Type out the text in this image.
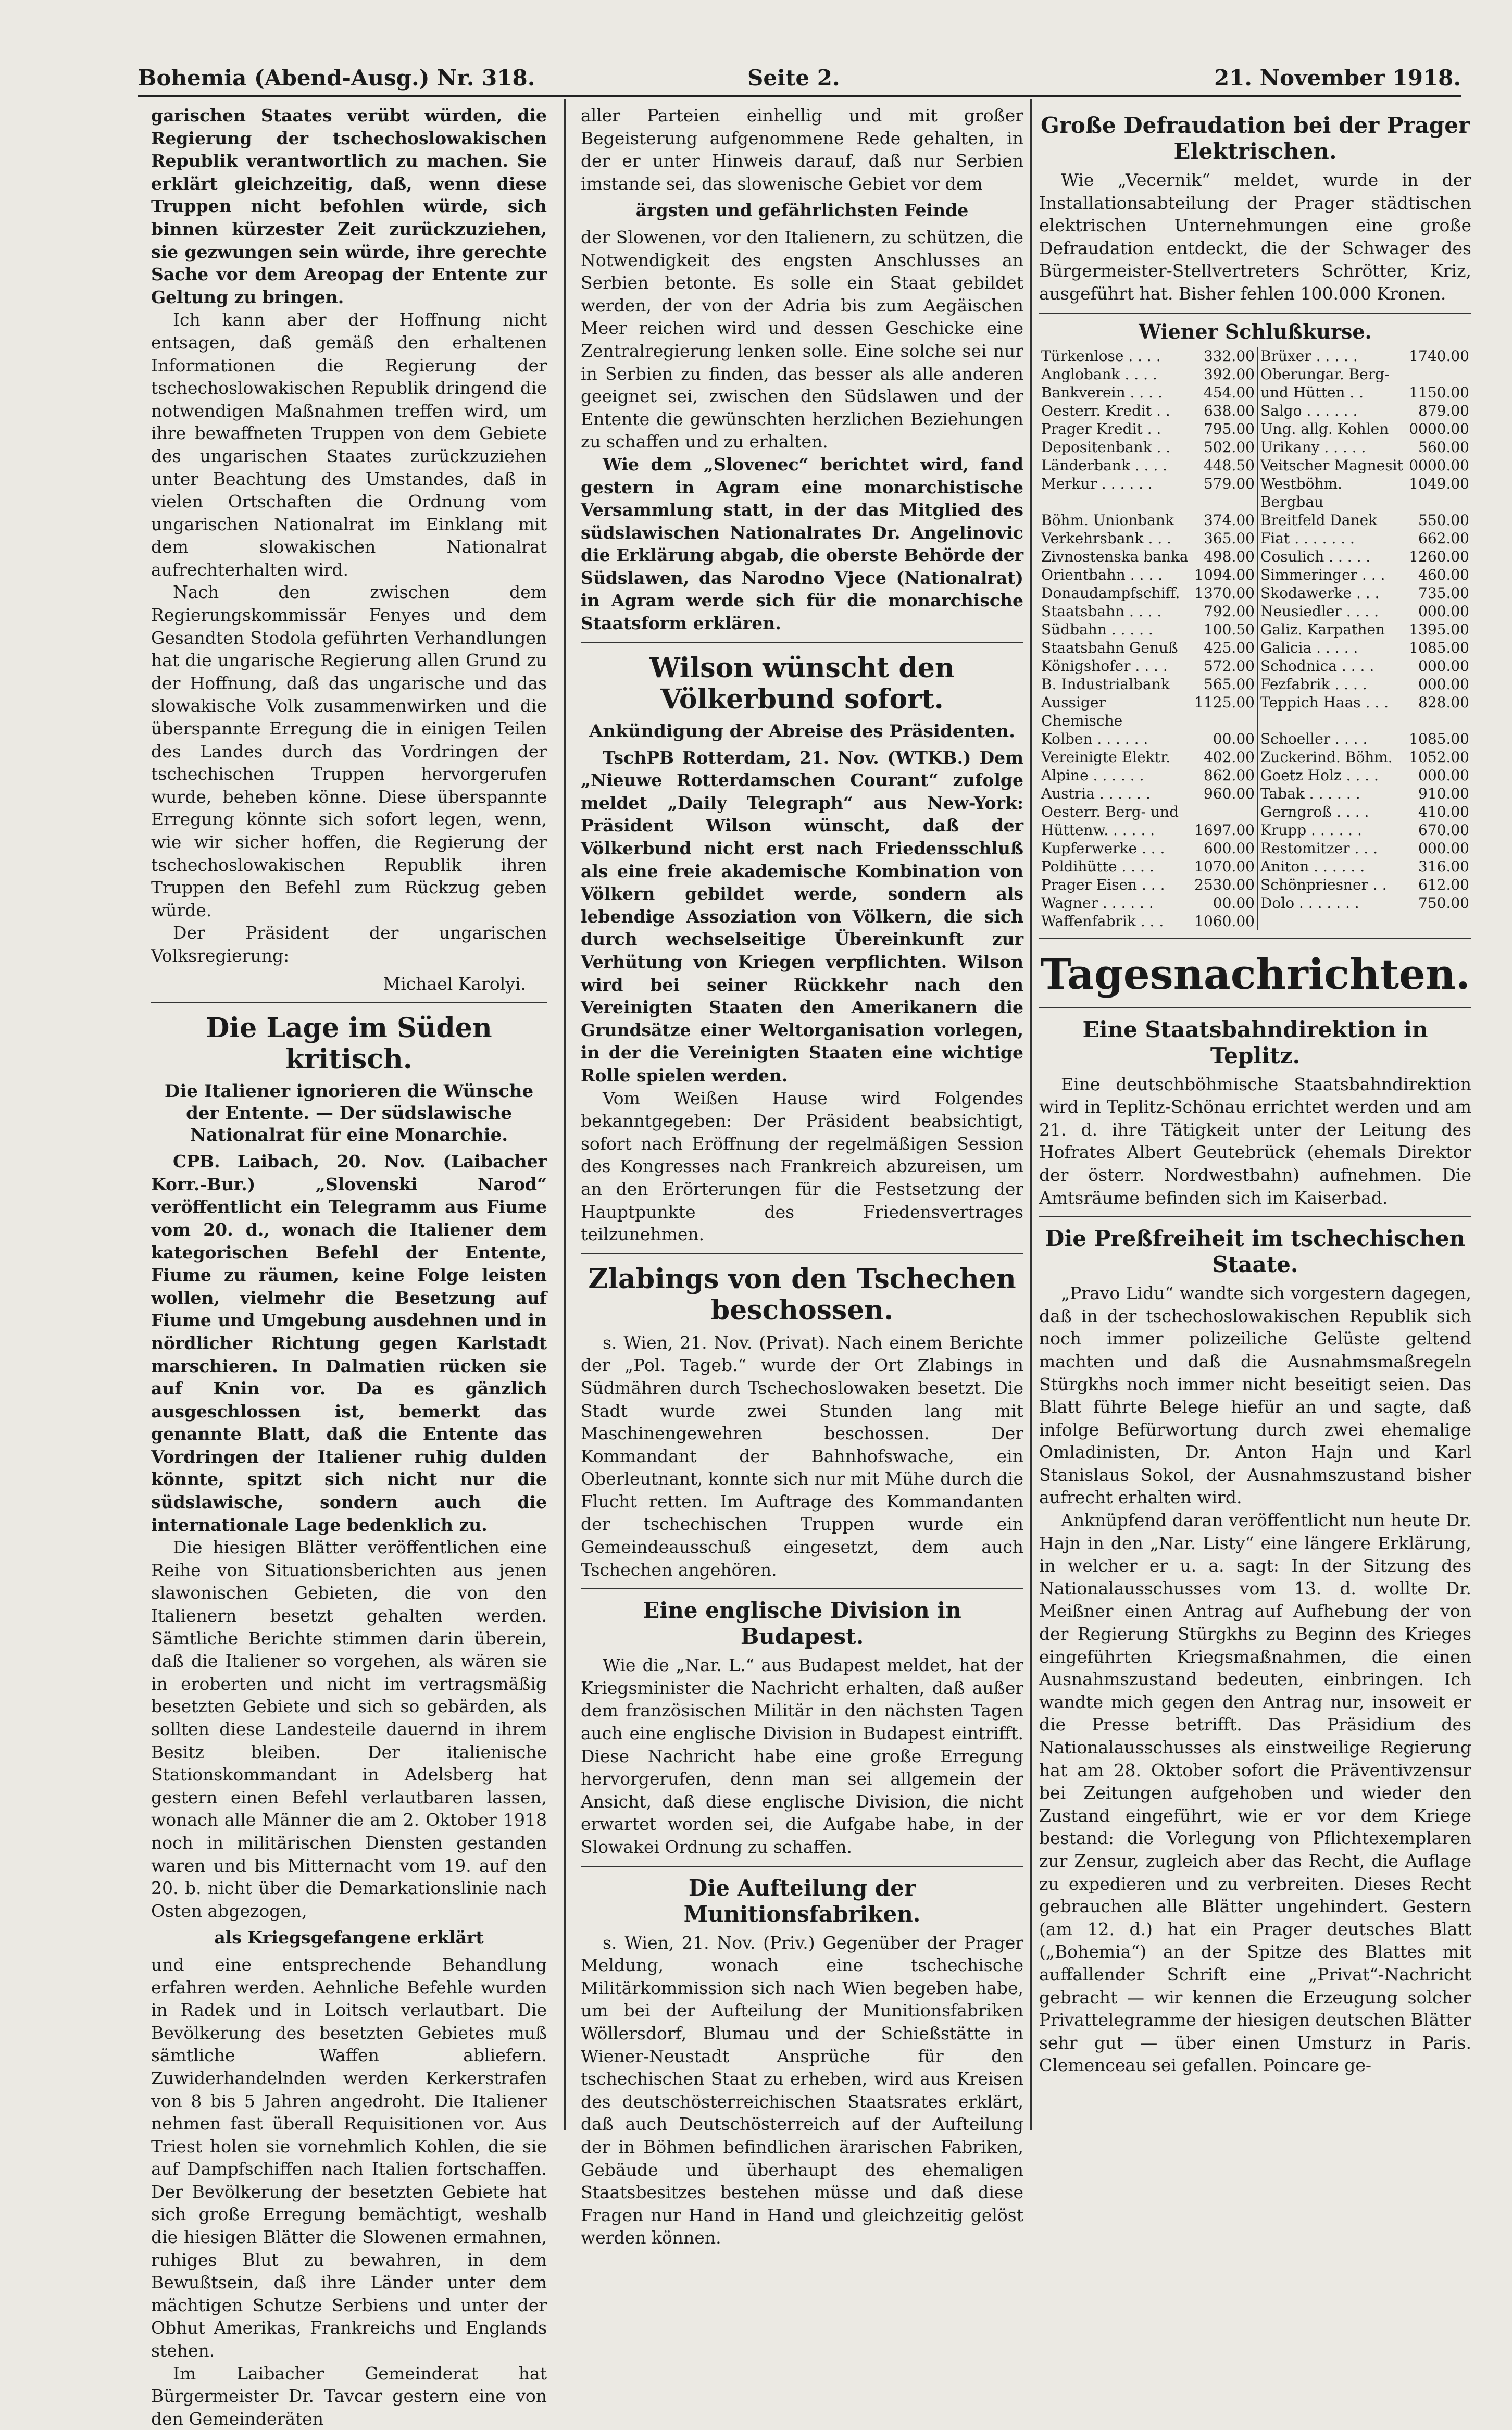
Bohemia (Abend-Ausg.) Nr. 318.	Seite 2.	21. November 1918.

garischen Staates verübt würden, die Regierung der tschechoslowakischen Republik verantwortlich zu machen. Sie erklärt gleichzeitig, daß, wenn diese Truppen nicht befohlen würde, sich binnen kürzester Zeit zurückzuziehen, sie gezwungen sein würde, ihre gerechte Sache vor dem Areopag der Entente zur Geltung zu bringen.

Ich kann aber der Hoffnung nicht entsagen, daß gemäß den erhaltenen Informationen die Regierung der tschechoslowakischen Republik dringend die notwendigen Maßnahmen treffen wird, um ihre bewaffneten Truppen von dem Gebiete des ungarischen Staates zurückzuziehen unter Beachtung des Umstandes, daß in vielen Ortschaften die Ordnung vom ungarischen Nationalrat im Einklang mit dem slowakischen Nationalrat aufrechterhalten wird.

Nach den zwischen dem Regierungskommissär Fenyes und dem Gesandten Stodola geführten Verhandlungen hat die ungarische Regierung allen Grund zu der Hoffnung, daß das ungarische und das slowakische Volk zusammenwirken und die überspannte Erregung die in einigen Teilen des Landes durch das Vordringen der tschechischen Truppen hervorgerufen wurde, beheben könne. Diese überspannte Erregung könnte sich sofort legen, wenn, wie wir sicher hoffen, die Regierung der tschechoslowakischen Republik ihren Truppen den Befehl zum Rückzug geben würde.

Der Präsident der ungarischen Volksregierung:

Michael Karolyi.
Die Lage im Süden kritisch.
Die Italiener ignorieren die Wünsche der Entente. — Der südslawische Nationalrat für eine Monarchie.

CPB. Laibach, 20. Nov. (Laibacher Korr.-Bur.) „Slovenski Narod“ veröffentlicht ein Telegramm aus Fiume vom 20. d., wonach die Italiener dem kategorischen Befehl der Entente, Fiume zu räumen, keine Folge leisten wollen, vielmehr die Besetzung auf Fiume und Umgebung ausdehnen und in nördlicher Richtung gegen Karlstadt marschieren. In Dalmatien rücken sie auf Knin vor. Da es gänzlich ausgeschlossen ist, bemerkt das genannte Blatt, daß die Entente das Vordringen der Italiener ruhig dulden könnte, spitzt sich nicht nur die südslawische, sondern auch die internationale Lage bedenklich zu.

Die hiesigen Blätter veröffentlichen eine Reihe von Situationsberichten aus jenen slawonischen Gebieten, die von den Italienern besetzt gehalten werden. Sämtliche Berichte stimmen darin überein, daß die Italiener so vorgehen, als wären sie in eroberten und nicht im vertragsmäßig besetzten Gebiete und sich so gebärden, als sollten diese Landesteile dauernd in ihrem Besitz bleiben. Der italienische Stationskommandant in Adelsberg hat gestern einen Befehl verlautbaren lassen, wonach alle Männer die am 2. Oktober 1918 noch in militärischen Diensten gestanden waren und bis Mitternacht vom 19. auf den 20. b. nicht über die Demarkationslinie nach Osten abgezogen,

als Kriegsgefangene erklärt

und eine entsprechende Behandlung erfahren werden. Aehnliche Befehle wurden in Radek und in Loitsch verlautbart. Die Bevölkerung des besetzten Gebietes muß sämtliche Waffen abliefern. Zuwiderhandelnden werden Kerkerstrafen von 8 bis 5 Jahren angedroht. Die Italiener nehmen fast überall Requisitionen vor. Aus Triest holen sie vornehmlich Kohlen, die sie auf Dampfschiffen nach Italien fortschaffen. Der Bevölkerung der besetzten Gebiete hat sich große Erregung bemächtigt, weshalb die hiesigen Blätter die Slowenen ermahnen, ruhiges Blut zu bewahren, in dem Bewußtsein, daß ihre Länder unter dem mächtigen Schutze Serbiens und unter der Obhut Amerikas, Frankreichs und Englands stehen.

Im Laibacher Gemeinderat hat Bürgermeister Dr. Tavcar gestern eine von den Gemeinderäten

aller Parteien einhellig und mit großer Begeisterung aufgenommene Rede gehalten, in der er unter Hinweis darauf, daß nur Serbien imstande sei, das slowenische Gebiet vor dem

ärgsten und gefährlichsten Feinde

der Slowenen, vor den Italienern, zu schützen, die Notwendigkeit des engsten Anschlusses an Serbien betonte. Es solle ein Staat gebildet werden, der von der Adria bis zum Aegäischen Meer reichen wird und dessen Geschicke eine Zentralregierung lenken solle. Eine solche sei nur in Serbien zu finden, das besser als alle anderen geeignet sei, zwischen den Südslawen und der Entente die gewünschten herzlichen Beziehungen zu schaffen und zu erhalten.

Wie dem „Slovenec“ berichtet wird, fand gestern in Agram eine monarchistische Versammlung statt, in der das Mitglied des südslawischen Nationalrates Dr. Angelinovic die Erklärung abgab, die oberste Behörde der Südslawen, das Narodno Vjece (Nationalrat) in Agram werde sich für die monarchische Staatsform erklären.

Wilson wünscht den Völkerbund sofort.
Ankündigung der Abreise des Präsidenten.

TschPB Rotterdam, 21. Nov. (WTKB.) Dem „Nieuwe Rotterdamschen Courant“ zufolge meldet „Daily Telegraph“ aus New-York: Präsident Wilson wünscht, daß der Völkerbund nicht erst nach Friedensschluß als eine freie akademische Kombination von Völkern gebildet werde, sondern als lebendige Assoziation von Völkern, die sich durch wechselseitige Übereinkunft zur Verhütung von Kriegen verpflichten. Wilson wird bei seiner Rückkehr nach den Vereinigten Staaten den Amerikanern die Grundsätze einer Weltorganisation vorlegen, in der die Vereinigten Staaten eine wichtige Rolle spielen werden.

Vom Weißen Hause wird Folgendes bekanntgegeben: Der Präsident beabsichtigt, sofort nach Eröffnung der regelmäßigen Session des Kongresses nach Frankreich abzureisen, um an den Erörterungen für die Festsetzung der Hauptpunkte des Friedensvertrages teilzunehmen.

Zlabings von den Tschechen beschossen.

s. Wien, 21. Nov. (Privat). Nach einem Berichte der „Pol. Tageb.“ wurde der Ort Zlabings in Südmähren durch Tschechoslowaken besetzt. Die Stadt wurde zwei Stunden lang mit Maschinengewehren beschossen. Der Kommandant der Bahnhofswache, ein Oberleutnant, konnte sich nur mit Mühe durch die Flucht retten. Im Auftrage des Kommandanten der tschechischen Truppen wurde ein Gemeindeausschuß eingesetzt, dem auch Tschechen angehören.

Eine englische Division in Budapest.

Wie die „Nar. L.“ aus Budapest meldet, hat der Kriegsminister die Nachricht erhalten, daß außer dem französischen Militär in den nächsten Tagen auch eine englische Division in Budapest eintrifft. Diese Nachricht habe eine große Erregung hervorgerufen, denn man sei allgemein der Ansicht, daß diese englische Division, die nicht erwartet worden sei, die Aufgabe habe, in der Slowakei Ordnung zu schaffen.

Die Aufteilung der Munitionsfabriken.

s. Wien, 21. Nov. (Priv.) Gegenüber der Prager Meldung, wonach eine tschechische Militärkommission sich nach Wien begeben habe, um bei der Aufteilung der Munitionsfabriken Wöllersdorf, Blumau und der Schießstätte in Wiener-Neustadt Ansprüche für den tschechischen Staat zu erheben, wird aus Kreisen des deutschösterreichischen Staatsrates erklärt, daß auch Deutschösterreich auf der Aufteilung der in Böhmen befindlichen ärarischen Fabriken, Gebäude und überhaupt des ehemaligen Staatsbesitzes bestehen müsse und daß diese Fragen nur Hand in Hand und gleichzeitig gelöst werden können.

Große Defraudation bei der Prager Elektrischen.

Wie „Vecernik“ meldet, wurde in der Installationsabteilung der Prager städtischen elektrischen Unternehmungen eine große Defraudation entdeckt, die der Schwager des Bürgermeister-Stellvertreters Schrötter, Kriz, ausgeführt hat. Bisher fehlen 100.000 Kronen.

Wiener Schlußkurse.
Türkenlose . . . .	332.00	Brüxer . . . . .	1740.00
Anglobank . . . .	392.00	Oberungar. Berg-	
Bankverein . . . .	454.00	und Hütten . .	1150.00
Oesterr. Kredit . .	638.00	Salgo . . . . . .	879.00
Prager Kredit . .	795.00	Ung. allg. Kohlen	0000.00
Depositenbank . .	502.00	Urikany . . . . .	560.00
Länderbank . . . .	448.50	Veitscher Magnesit	0000.00
Merkur . . . . . .	579.00	Westböhm. Bergbau	1049.00
Böhm. Unionbank	374.00	Breitfeld Danek	550.00
Verkehrsbank . . .	365.00	Fiat . . . . . . .	662.00
Zivnostenska banka	498.00	Cosulich . . . . .	1260.00
Orientbahn . . . .	1094.00	Simmeringer . . .	460.00
Donaudampfschiff.	1370.00	Skodawerke . . .	735.00
Staatsbahn . . . .	792.00	Neusiedler . . . .	000.00
Südbahn . . . . .	100.50	Galiz. Karpathen	1395.00
Staatsbahn Genuß	425.00	Galicia . . . . .	1085.00
Königshofer . . . .	572.00	Schodnica . . . .	000.00
B. Industrialbank	565.00	Fezfabrik . . . .	000.00
Aussiger Chemische	1125.00	Teppich Haas . . .	828.00
Kolben . . . . . .	00.00	Schoeller . . . .	1085.00
Vereinigte Elektr.	402.00	Zuckerind. Böhm.	1052.00
Alpine . . . . . .	862.00	Goetz Holz . . . .	000.00
Austria . . . . . .	960.00	Tabak . . . . . .	910.00
Oesterr. Berg- und		Gerngroß . . . .	410.00
Hüttenw. . . . . .	1697.00	Krupp . . . . . .	670.00
Kupferwerke . . .	600.00	Restomitzer . . .	000.00
Poldihütte . . . .	1070.00	Aniton . . . . . .	316.00
Prager Eisen . . .	2530.00	Schönpriesner . .	612.00
Wagner . . . . . .	00.00	Dolo . . . . . . .	750.00
Waffenfabrik . . .	1060.00		
Tagesnachrichten.
Eine Staatsbahndirektion in Teplitz.

Eine deutschböhmische Staatsbahndirektion wird in Teplitz-Schönau errichtet werden und am 21. d. ihre Tätigkeit unter der Leitung des Hofrates Albert Geutebrück (ehemals Direktor der österr. Nordwestbahn) aufnehmen. Die Amtsräume befinden sich im Kaiserbad.

Die Preßfreiheit im tschechischen Staate.

„Pravo Lidu“ wandte sich vorgestern dagegen, daß in der tschechoslowakischen Republik sich noch immer polizeiliche Gelüste geltend machten und daß die Ausnahmsmaßregeln Stürgkhs noch immer nicht beseitigt seien. Das Blatt führte Belege hiefür an und sagte, daß infolge Befürwortung durch zwei ehemalige Omladinisten, Dr. Anton Hajn und Karl Stanislaus Sokol, der Ausnahmszustand bisher aufrecht erhalten wird.

Anknüpfend daran veröffentlicht nun heute Dr. Hajn in den „Nar. Listy“ eine längere Erklärung, in welcher er u. a. sagt: In der Sitzung des Nationalausschusses vom 13. d. wollte Dr. Meißner einen Antrag auf Aufhebung der von der Regierung Stürgkhs zu Beginn des Krieges eingeführten Kriegsmaßnahmen, die einen Ausnahmszustand bedeuten, einbringen. Ich wandte mich gegen den Antrag nur, insoweit er die Presse betrifft. Das Präsidium des Nationalausschusses als einstweilige Regierung hat am 28. Oktober sofort die Präventivzensur bei Zeitungen aufgehoben und wieder den Zustand eingeführt, wie er vor dem Kriege bestand: die Vorlegung von Pflichtexemplaren zur Zensur, zugleich aber das Recht, die Auflage zu expedieren und zu verbreiten. Dieses Recht gebrauchen alle Blätter ungehindert. Gestern (am 12. d.) hat ein Prager deutsches Blatt („Bohemia“) an der Spitze des Blattes mit auffallender Schrift eine „Privat“-Nachricht gebracht — wir kennen die Erzeugung solcher Privattelegramme der hiesigen deutschen Blätter sehr gut — über einen Umsturz in Paris. Clemenceau sei gefallen. Poincare ge-
